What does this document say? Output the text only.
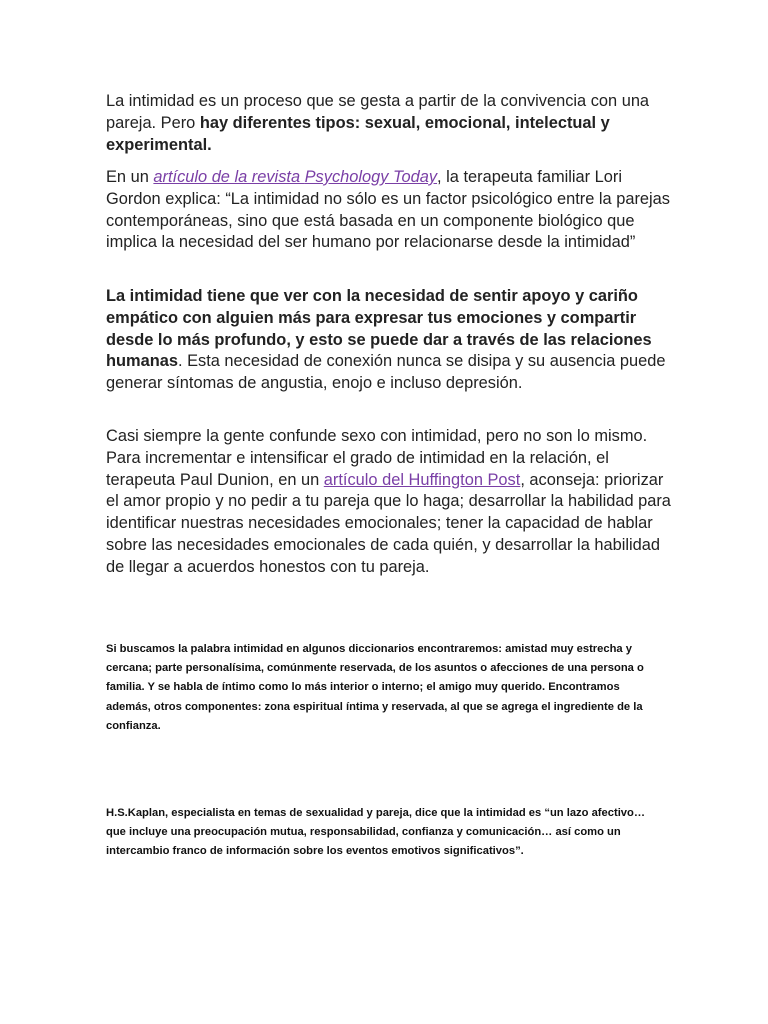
La intimidad es un proceso que se gesta a partir de la convivencia con una pareja. Pero hay diferentes tipos: sexual, emocional, intelectual y experimental.

En un artículo de la revista Psychology Today, la terapeuta familiar Lori Gordon explica: “La intimidad no sólo es un factor psicológico entre la parejas contemporáneas, sino que está basada en un componente biológico que implica la necesidad del ser humano por relacionarse desde la intimidad”

La intimidad tiene que ver con la necesidad de sentir apoyo y cariño empático con alguien más para expresar tus emociones y compartir desde lo más profundo, y esto se puede dar a través de las relaciones humanas. Esta necesidad de conexión nunca se disipa y su ausencia puede generar síntomas de angustia, enojo e incluso depresión.

Casi siempre la gente confunde sexo con intimidad, pero no son lo mismo. Para incrementar e intensificar el grado de intimidad en la relación, el terapeuta Paul Dunion, en un artículo del Huffington Post, aconseja: priorizar el amor propio y no pedir a tu pareja que lo haga; desarrollar la habilidad para identificar nuestras necesidades emocionales; tener la capacidad de hablar sobre las necesidades emocionales de cada quién, y desarrollar la habilidad de llegar a acuerdos honestos con tu pareja.

Si buscamos la palabra intimidad en algunos diccionarios encontraremos: amistad muy estrecha y cercana; parte personalísima, comúnmente reservada, de los asuntos o afecciones de una persona o familia. Y se habla de íntimo como lo más interior o interno; el amigo muy querido. Encontramos además, otros componentes: zona espiritual íntima y reservada, al que se agrega el ingrediente de la confianza.

H.S.Kaplan, especialista en temas de sexualidad y pareja, dice que la intimidad es “un lazo afectivo… que incluye una preocupación mutua, responsabilidad, confianza y comunicación… así como un intercambio franco de información sobre los eventos emotivos significativos”.
